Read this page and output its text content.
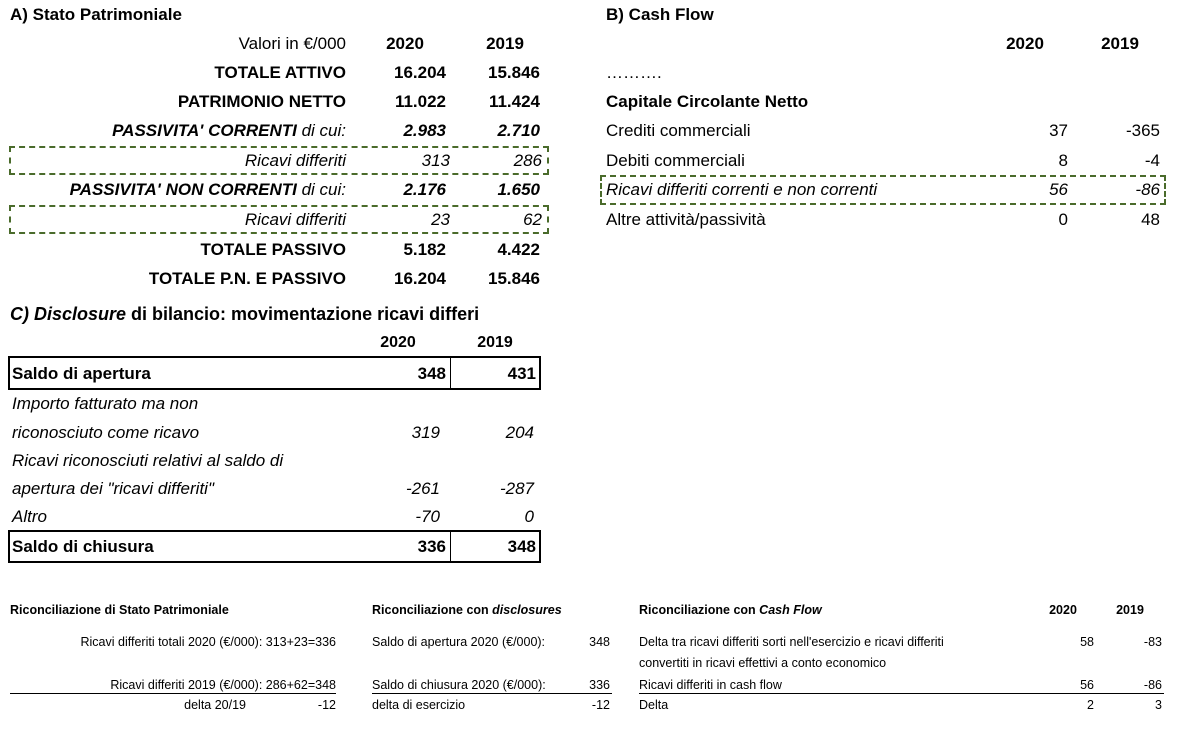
A) Stato Patrimoniale
Valori in €/000	2020	2019
TOTALE ATTIVO	16.204	15.846
PATRIMONIO NETTO	11.022	11.424
PASSIVITA' CORRENTI di cui:	2.983	2.710
Ricavi differiti	313	286
PASSIVITA' NON CORRENTI di cui:	2.176	1.650
Ricavi differiti	23	62
TOTALE PASSIVO	5.182	4.422
TOTALE P.N. E PASSIVO	16.204	15.846
B) Cash Flow
2020	2019
……….
Capitale Circolante Netto
Crediti commerciali	37	-365
Debiti commerciali	8	-4
Ricavi differiti correnti e non correnti	56	-86
Altre attività/passività	0	48
C) Disclosure di bilancio: movimentazione ricavi differi
2020	2019
Saldo di apertura	348	431
Importo fatturato ma non
riconosciuto come ricavo	319	204
Ricavi riconosciuti relativi al saldo di
apertura dei "ricavi differiti"	-261	-287
Altro	-70	0
Saldo di chiusura	336	348
Riconciliazione di Stato Patrimoniale
Ricavi differiti totali 2020 (€/000): 313+23=336
Ricavi differiti 2019 (€/000): 286+62=348
delta 20/19	-12
Riconciliazione con disclosures
Saldo di apertura 2020 (€/000):	348
Saldo di chiusura 2020 (€/000):	336
delta di esercizio	-12
Riconciliazione con Cash Flow	2020	2019
Delta tra ricavi differiti sorti nell'esercizio e ricavi differiti
convertiti in ricavi effettivi a conto economico
58	-83
Ricavi differiti in cash flow	56	-86
Delta	2	3
